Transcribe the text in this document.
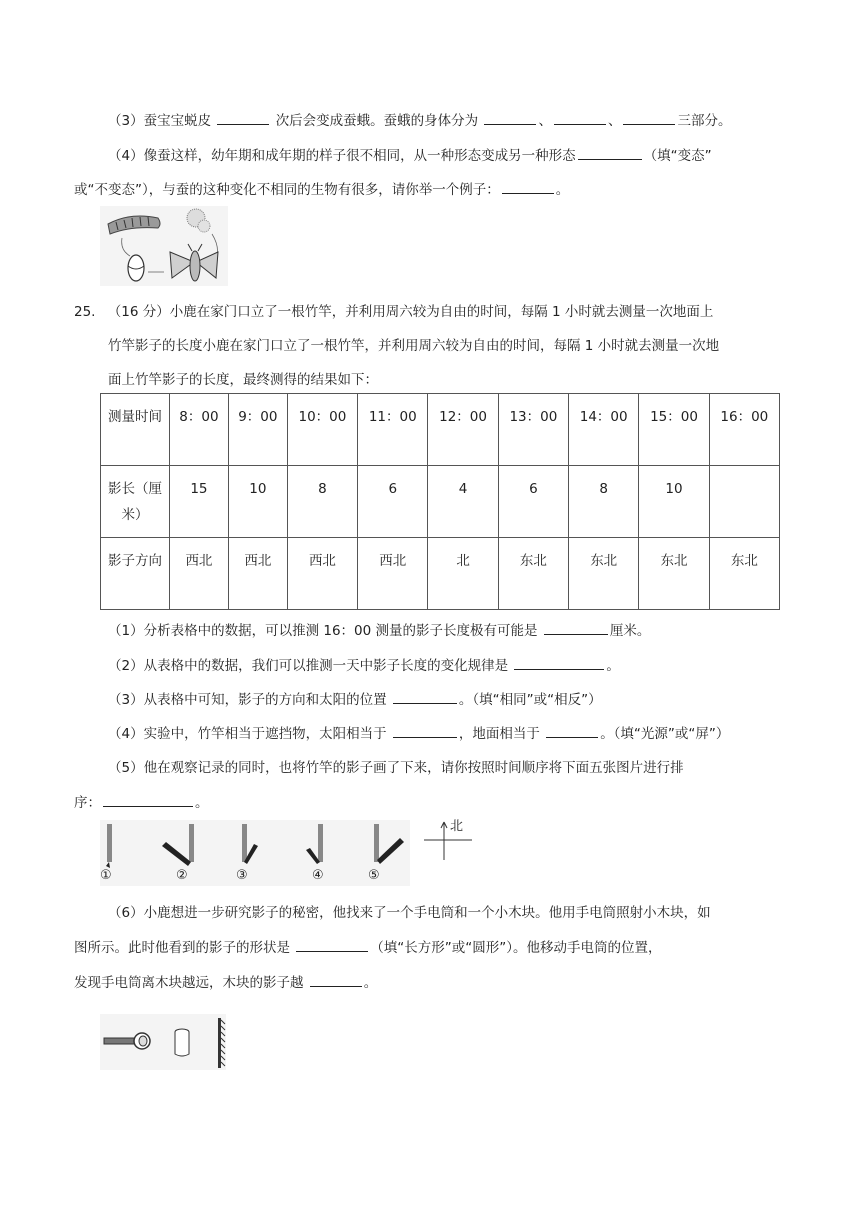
（3）蚕宝宝蜕皮	次后会变成蚕蛾。蚕蛾的身体分为	、	、	三部分。
（4）像蚕这样，幼年期和成年期的样子很不相同，从一种形态变成另一种形态	（填“变态”
或“不变态”），与蚕的这种变化不相同的生物有很多，请你举一个例子：	。
25. （16 分）小鹿在家门口立了一根竹竿，并利用周六较为自由的时间，每隔 1 小时就去测量一次地面上
竹竿影子的长度小鹿在家门口立了一根竹竿，并利用周六较为自由的时间，每隔 1 小时就去测量一次地
面上竹竿影子的长度，最终测得的结果如下：
测量时间	8：00	9：00	10：00	11：00	12：00	13：00	14：00	15：00	16：00
影长（厘米）	15	10	8	6	4	6	8	10	
影子方向	西北	西北	西北	西北	北	东北	东北	东北	东北
（1）分析表格中的数据，可以推测 16：00 测量的影子长度极有可能是	厘米。
（2）从表格中的数据，我们可以推测一天中影子长度的变化规律是	。
（3）从表格中可知，影子的方向和太阳的位置	。（填“相同”或“相反”）
（4）实验中，竹竿相当于遮挡物，太阳相当于	，地面相当于	。（填“光源”或“屏”）
（5）他在观察记录的同时，也将竹竿的影子画了下来，请你按照时间顺序将下面五张图片进行排
序：	。
北
①	②	③	④	⑤
（6）小鹿想进一步研究影子的秘密，他找来了一个手电筒和一个小木块。他用手电筒照射小木块，如
图所示。此时他看到的影子的形状是	（填“长方形”或“圆形”）。他移动手电筒的位置，
发现手电筒离木块越远，木块的影子越	。
